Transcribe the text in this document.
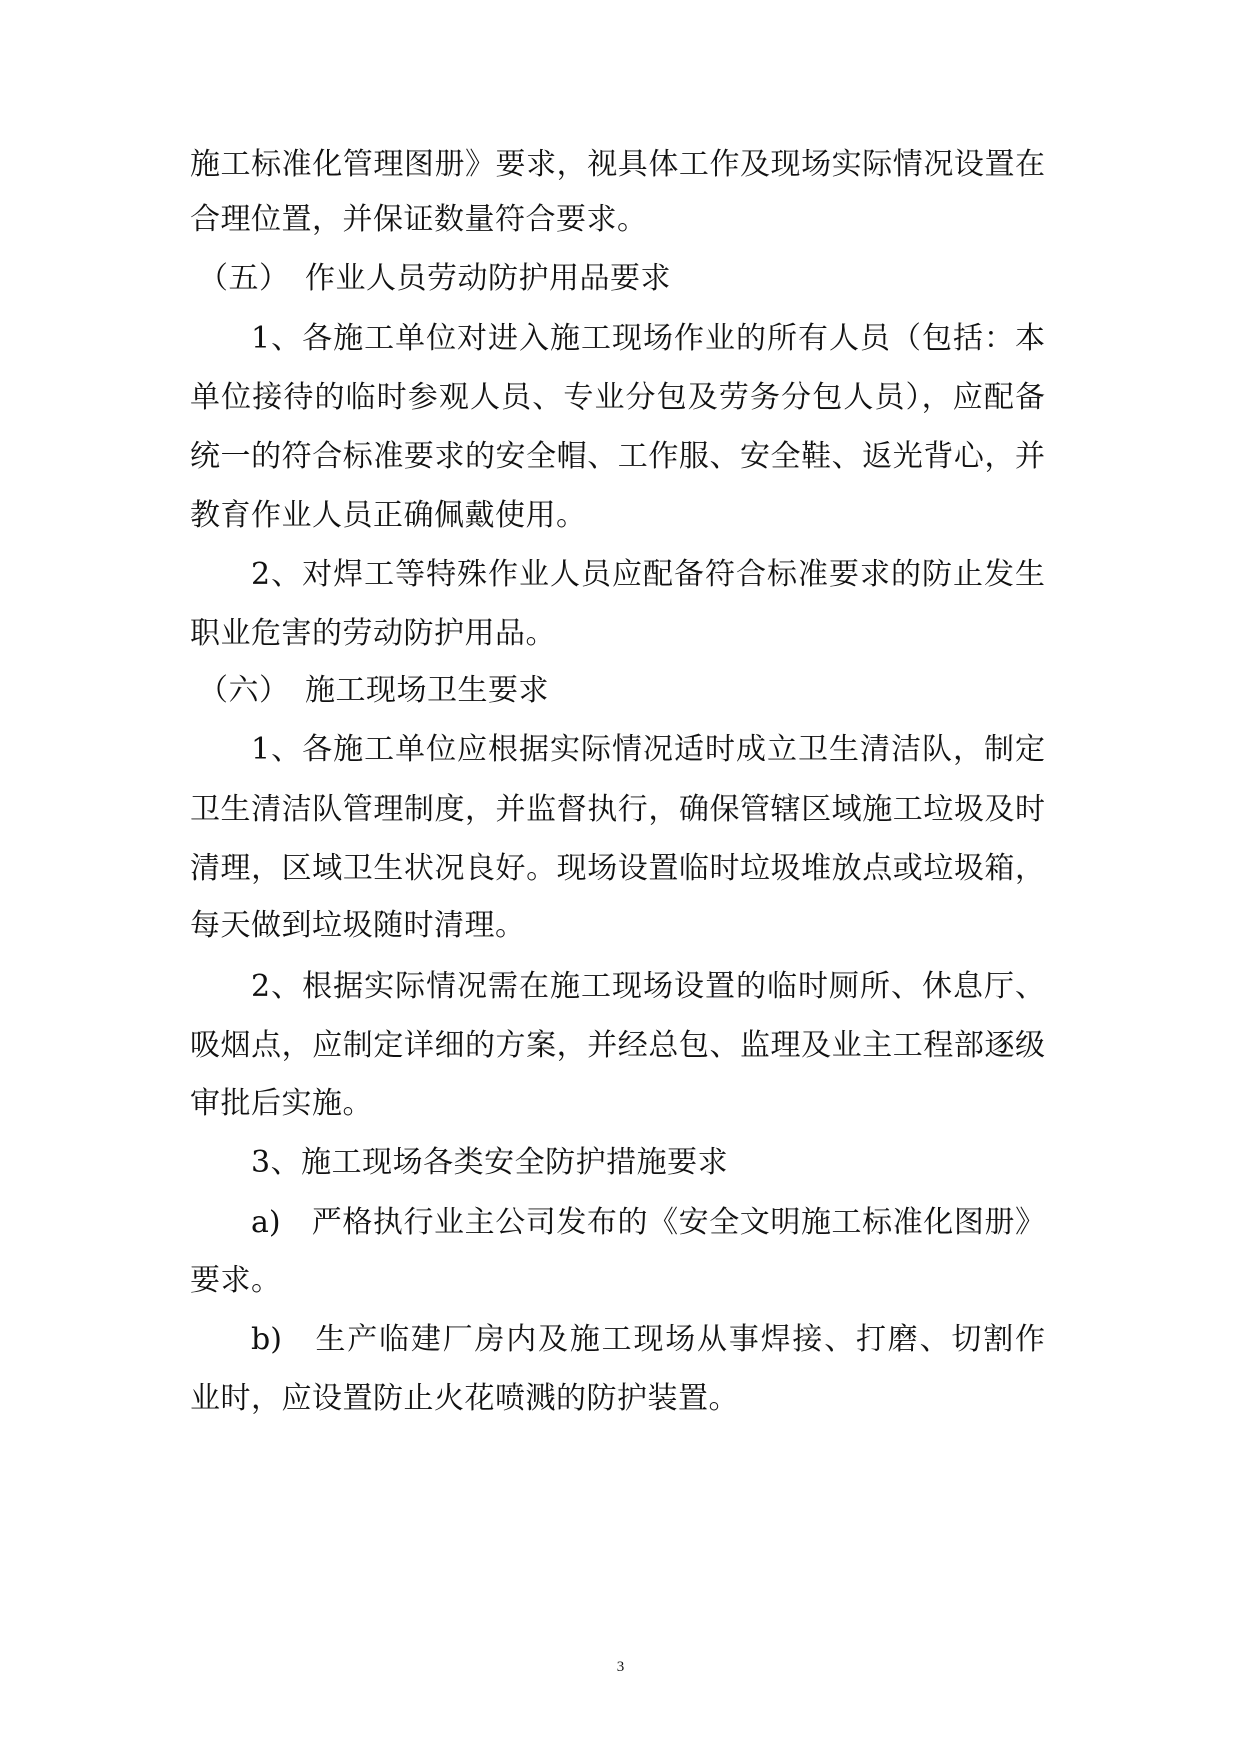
施工标准化管理图册》要求，视具体工作及现场实际情况设置在
合理位置，并保证数量符合要求。
（五）　作业人员劳动防护用品要求
1、各施工单位对进入施工现场作业的所有人员（包括：本
单位接待的临时参观人员、专业分包及劳务分包人员），应配备
统一的符合标准要求的安全帽、工作服、安全鞋、返光背心，并
教育作业人员正确佩戴使用。
2、对焊工等特殊作业人员应配备符合标准要求的防止发生
职业危害的劳动防护用品。
（六）　施工现场卫生要求
1、各施工单位应根据实际情况适时成立卫生清洁队，制定
卫生清洁队管理制度，并监督执行，确保管辖区域施工垃圾及时
清理，区域卫生状况良好。现场设置临时垃圾堆放点或垃圾箱，
每天做到垃圾随时清理。
2、根据实际情况需在施工现场设置的临时厕所、休息厅、
吸烟点，应制定详细的方案，并经总包、监理及业主工程部逐级
审批后实施。
3、施工现场各类安全防护措施要求
a)　严格执行业主公司发布的《安全文明施工标准化图册》
要求。
b)　生产临建厂房内及施工现场从事焊接、打磨、切割作
业时，应设置防止火花喷溅的防护装置。
3
